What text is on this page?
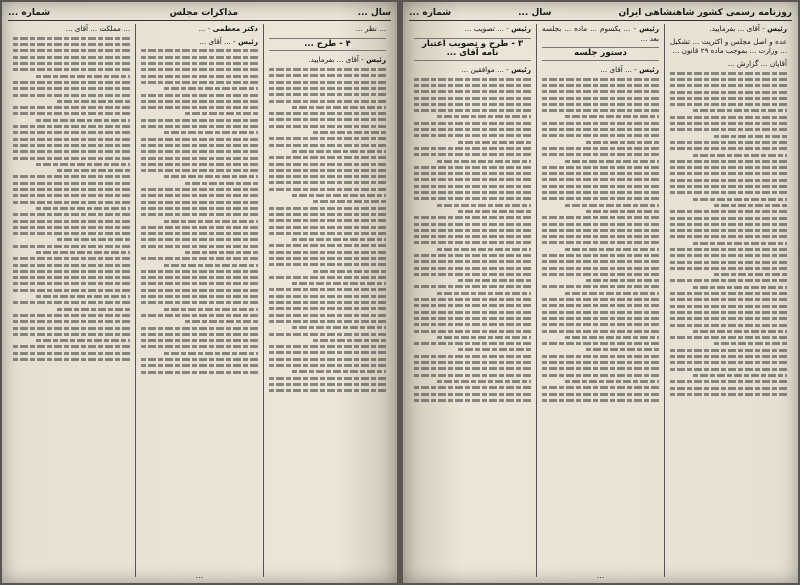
سال ...
مذاکرات مجلس
شماره ...

... نظر ...

۴ - طرح ...

رئیس - آقای ... بفرمایید.

دکتر معظمی - ...

رئیس - ... آقای ...

... مملکت ... آقای ...

...
روزنامه رسمی کشور شاهنشاهی ایران
سال ...
شماره ...

رئیس - آقای ... بفرمایید.

عده و اصل مجلس و اکثریت ... تشکیل ... وزارت ... بموجب ماده ۲۹ قانون ...

آقایان ... گزارش ...

رئیس - ... یکسوم ... ماده ... بجلسه بعد ...

دستور جلسه

رئیس - ... آقای ...

رئیس - ... تصویب ...

۳ - طرح و تصویب اعتبار نامه آقای ...

رئیس - ... موافقین ...

...
